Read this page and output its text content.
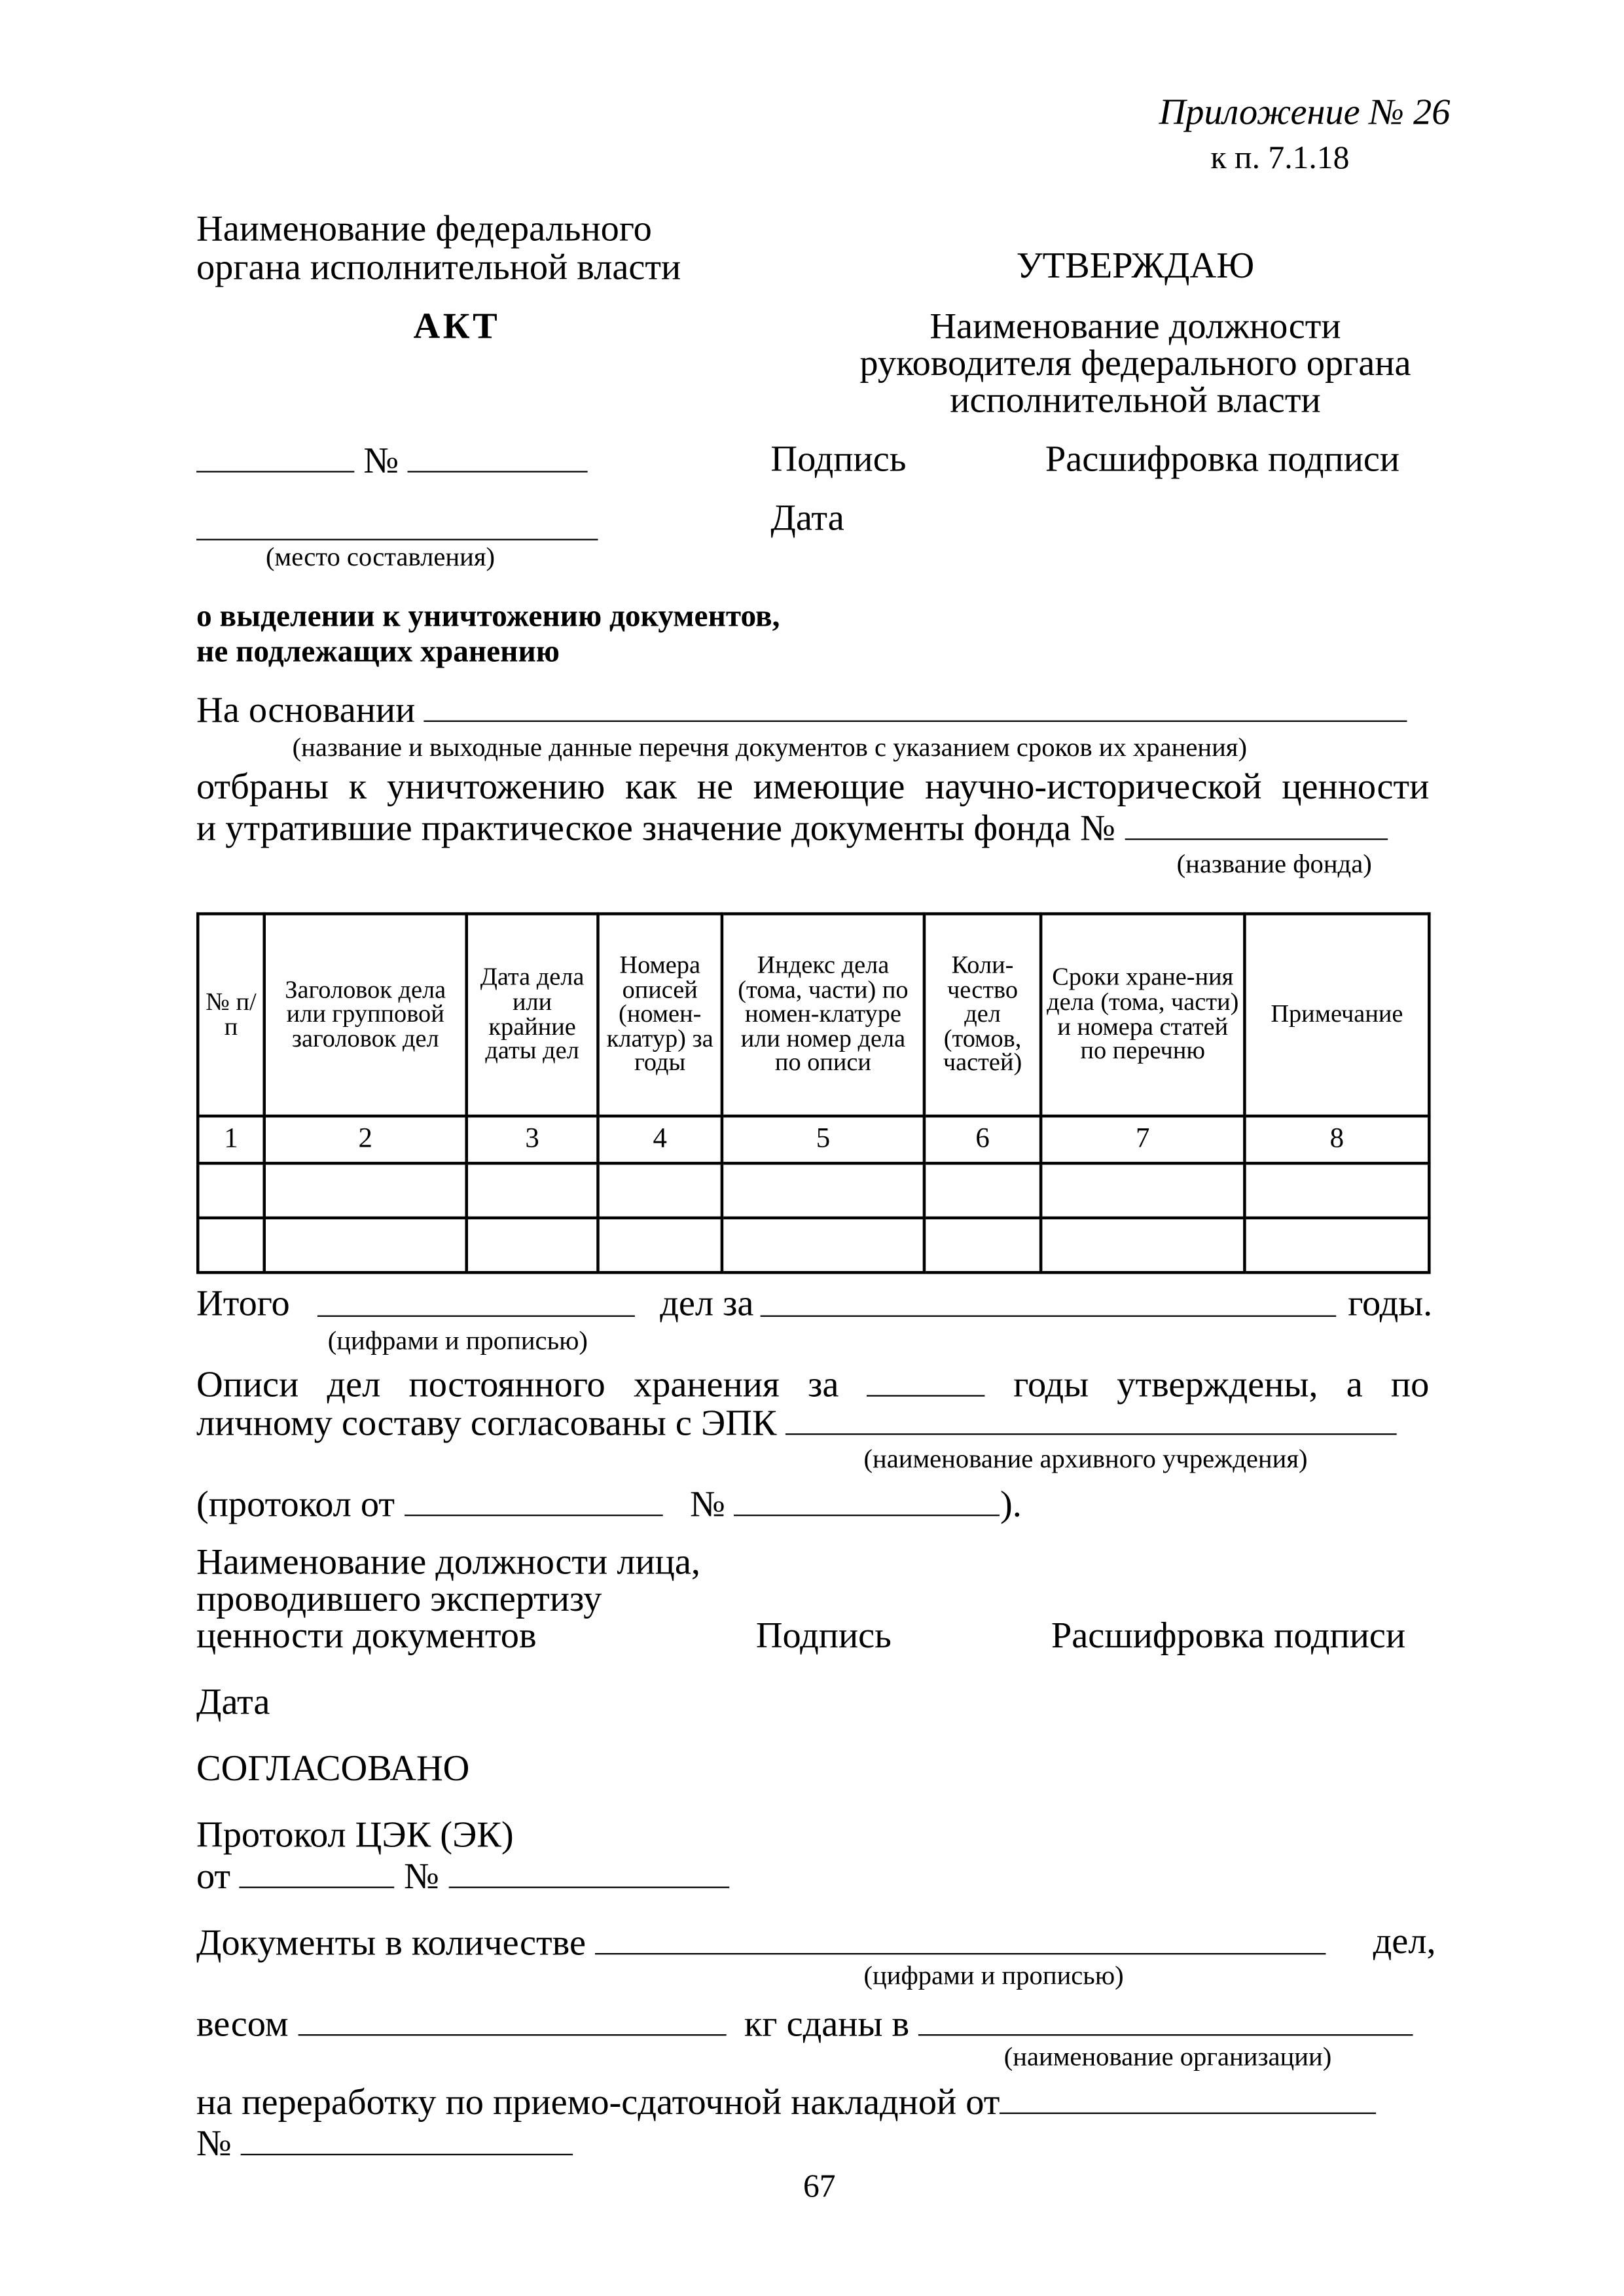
Приложение № 26
к п. 7.1.18
Наименование федерального
органа исполнительной власти	УТВЕРЖДАЮ
АКТ	Наименование должности
руководителя федерального органа
исполнительной власти
№	Подпись	Расшифровка подписи
Дата
(место составления)
о выделении к уничтожению документов,
не подлежащих хранению
На основании
(название и выходные данные перечня документов с указанием сроков их хранения)
отбраны к уничтожению как не имеющие научно-исторической ценности
и утратившие практическое значение документы фонда №
(название фонда)
№ п/п	Заголовок дела или групповой заголовок дел	Дата дела или крайние даты дел	Номера описей (номен-клатур) за годы	Индекс дела (тома, части) по номен-клатуре или номер дела по описи	Коли-чество дел (томов, частей)	Сроки хране-ния дела (тома, части) и номера статей по перечню	Примечание
1	2	3	4	5	6	7	8

Итого	дел за	годы.
(цифрами и прописью)
Описи дел постоянного хранения за	годы утверждены, а по
личному составу согласованы с ЭПК
(наименование архивного учреждения)
(протокол от	№	).
Наименование должности лица,
проводившего экспертизу
ценности документов	Подпись	Расшифровка подписи
Дата
СОГЛАСОВАНО
Протокол ЦЭК (ЭК)
от	№
Документы в количестве	дел,
(цифрами и прописью)
весом	кг сданы в
(наименование организации)
на переработку по приемо-сдаточной накладной от
№
67
